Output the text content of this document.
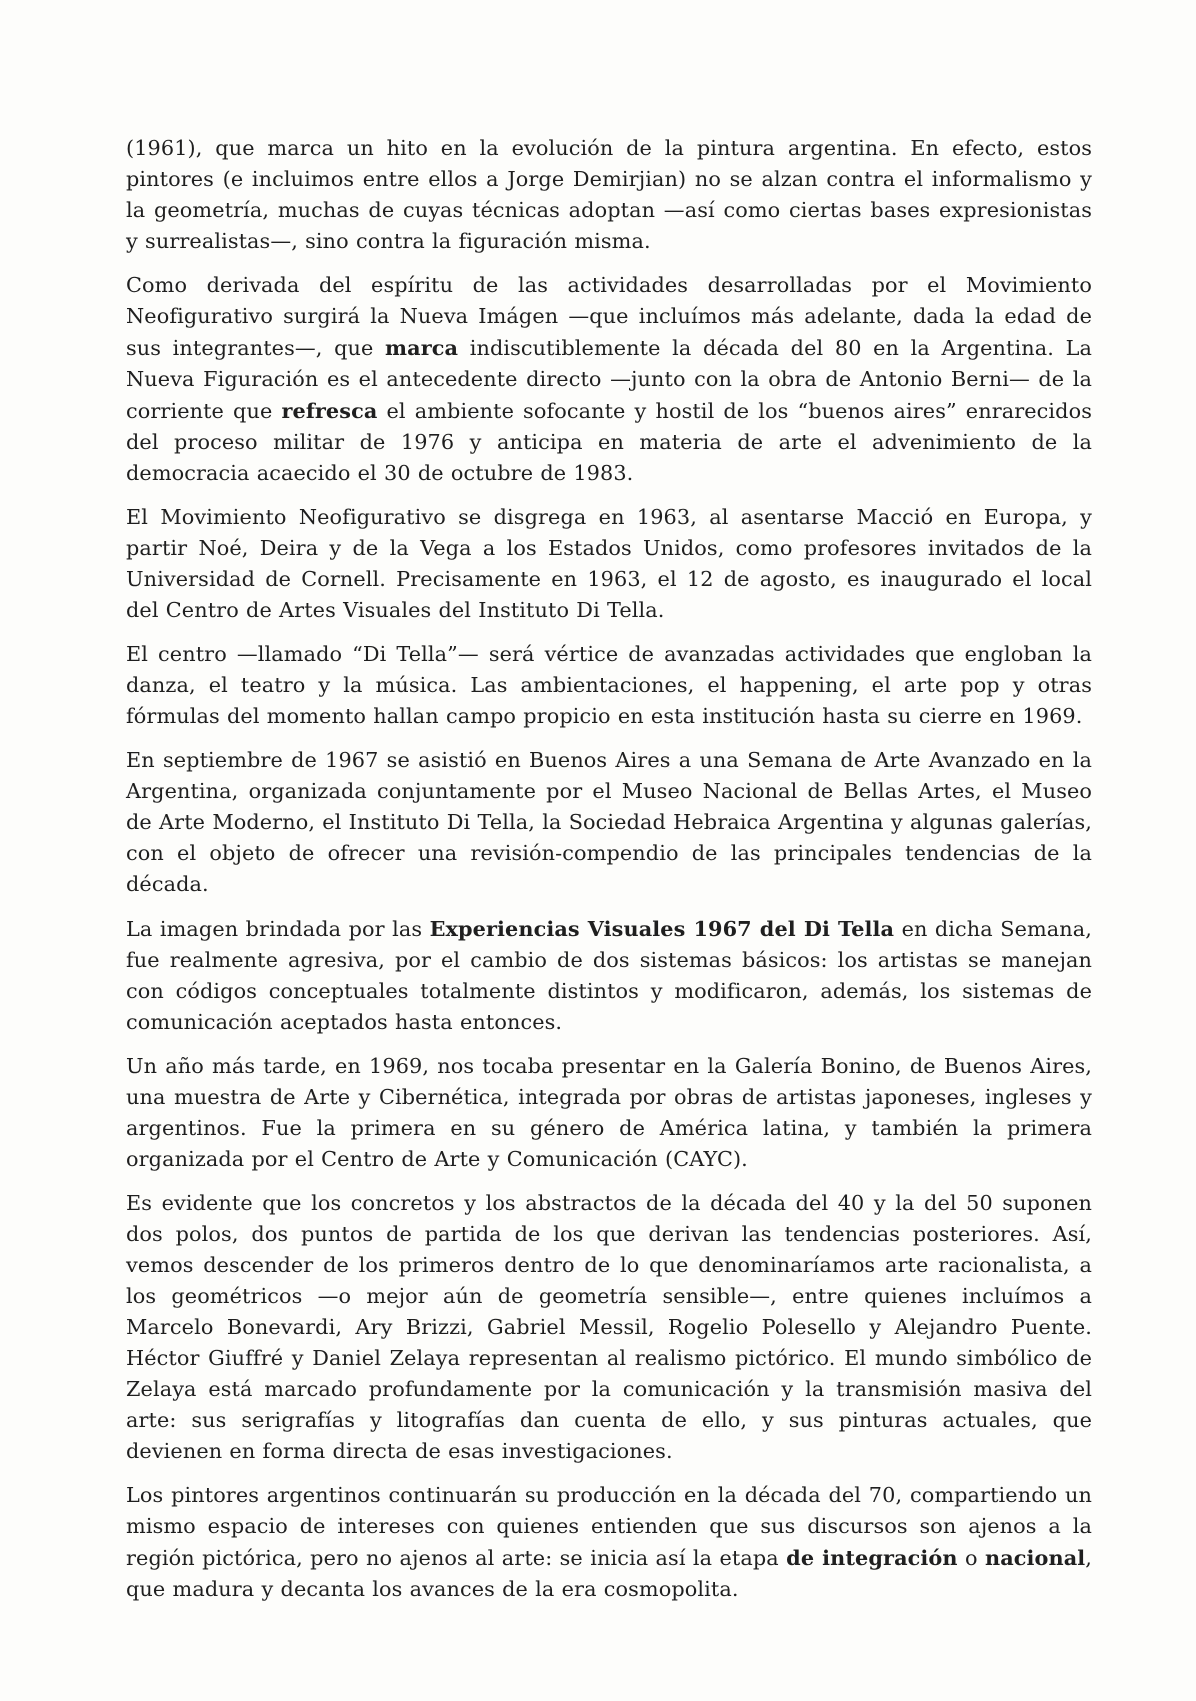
(1961), que marca un hito en la evolución de la pintura argentina. En efecto, estos pintores (e incluimos entre ellos a Jorge Demirjian) no se alzan contra el informalismo y la geometría, muchas de cuyas técnicas adoptan —así como ciertas bases expresionistas y surrealistas—, sino contra la figuración misma.

Como derivada del espíritu de las actividades desarrolladas por el Movimiento Neofigurativo surgirá la Nueva Imágen —que incluímos más adelante, dada la edad de sus integrantes—, que marca indiscutiblemente la década del 80 en la Argentina. La Nueva Figuración es el antecedente directo —junto con la obra de Antonio Berni— de la corriente que refresca el ambiente sofocante y hostil de los “buenos aires” enrarecidos del proceso militar de 1976 y anticipa en materia de arte el advenimiento de la democracia acaecido el 30 de octubre de 1983.

El Movimiento Neofigurativo se disgrega en 1963, al asentarse Macció en Europa, y partir Noé, Deira y de la Vega a los Estados Unidos, como profesores invitados de la Universidad de Cornell. Precisamente en 1963, el 12 de agosto, es inaugurado el local del Centro de Artes Visuales del Instituto Di Tella.

El centro —llamado “Di Tella”— será vértice de avanzadas actividades que engloban la danza, el teatro y la música. Las ambientaciones, el happening, el arte pop y otras fórmulas del momento hallan campo propicio en esta institución hasta su cierre en 1969.

En septiembre de 1967 se asistió en Buenos Aires a una Semana de Arte Avanzado en la Argentina, organizada conjuntamente por el Museo Nacional de Bellas Artes, el Museo de Arte Moderno, el Instituto Di Tella, la Sociedad Hebraica Argentina y algunas galerías, con el objeto de ofrecer una revisión-compendio de las principales tendencias de la década.

La imagen brindada por las Experiencias Visuales 1967 del Di Tella en dicha Semana, fue realmente agresiva, por el cambio de dos sistemas básicos: los artistas se manejan con códigos conceptuales totalmente distintos y modificaron, además, los sistemas de comunicación aceptados hasta entonces.

Un año más tarde, en 1969, nos tocaba presentar en la Galería Bonino, de Buenos Aires, una muestra de Arte y Cibernética, integrada por obras de artistas japoneses, ingleses y argentinos. Fue la primera en su género de América latina, y también la primera organizada por el Centro de Arte y Comunicación (CAYC).

Es evidente que los concretos y los abstractos de la década del 40 y la del 50 suponen dos polos, dos puntos de partida de los que derivan las tendencias posteriores. Así, vemos descender de los primeros dentro de lo que denominaríamos arte racionalista, a los geométricos —o mejor aún de geometría sensible—, entre quienes incluímos a Marcelo Bonevardi, Ary Brizzi, Gabriel Messil, Rogelio Polesello y Alejandro Puente. Héctor Giuffré y Daniel Zelaya representan al realismo pictórico. El mundo simbólico de Zelaya está marcado profundamente por la comunicación y la transmisión masiva del arte: sus serigrafías y litografías dan cuenta de ello, y sus pinturas actuales, que devienen en forma directa de esas investigaciones.

Los pintores argentinos continuarán su producción en la década del 70, compartiendo un mismo espacio de intereses con quienes entienden que sus discursos son ajenos a la región pictórica, pero no ajenos al arte: se inicia así la etapa de integración o nacional, que madura y decanta los avances de la era cosmopolita.
